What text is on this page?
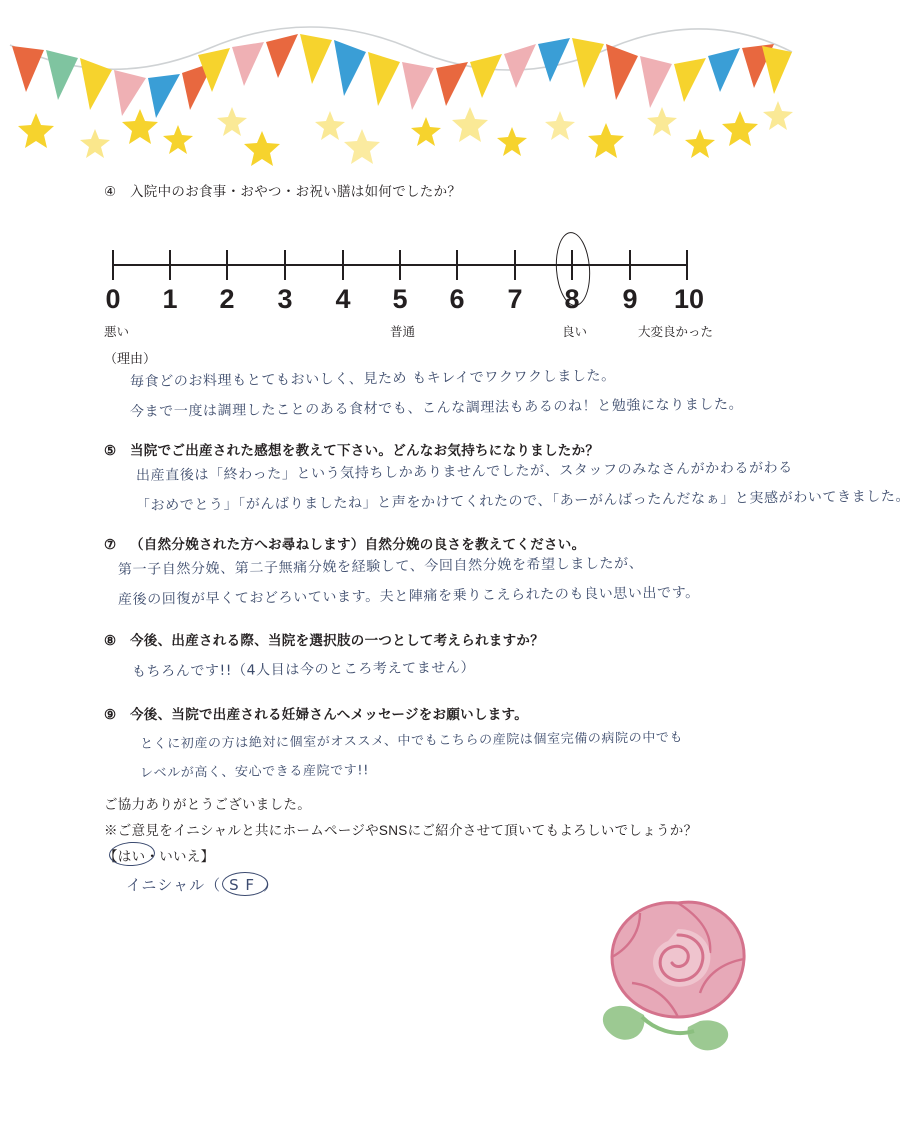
④ 入院中のお食事・おやつ・お祝い膳は如何でしたか？
0 1 2 3 4 5 6 7 8 9 10
悪い	普通	良い	大変良かった
（理由）
毎食どのお料理もとてもおいしく、見ため もキレイでワクワクしました。
今まで一度は調理したことのある食材でも、こんな調理法もあるのね！と勉強になりました。
⑤ 当院でご出産された感想を教えて下さい。どんなお気持ちになりましたか？
出産直後は「終わった」という気持ちしかありませんでしたが、スタッフのみなさんがかわるがわる
「おめでとう」「がんばりましたね」と声をかけてくれたので、「あーがんばったんだなぁ」と実感がわいてきました。
⑦ （自然分娩された方へお尋ねします）自然分娩の良さを教えてください。
第一子自然分娩、第二子無痛分娩を経験して、今回自然分娩を希望しましたが、
産後の回復が早くておどろいています。夫と陣痛を乗りこえられたのも良い思い出です。
⑧ 今後、出産される際、当院を選択肢の一つとして考えられますか？
もちろんです!!（4人目は今のところ考えてません）
⑨ 今後、当院で出産される妊婦さんへメッセージをお願いします。
とくに初産の方は絶対に個室がオススメ、中でもこちらの産院は個室完備の病院の中でも
レベルが高く、安心できる産院です!!
ご協力ありがとうございました。
※ご意見をイニシャルと共にホームページやSNSにご紹介させて頂いてもよろしいでしょうか？
【はい・いいえ】
イニシャル（ S F ）
